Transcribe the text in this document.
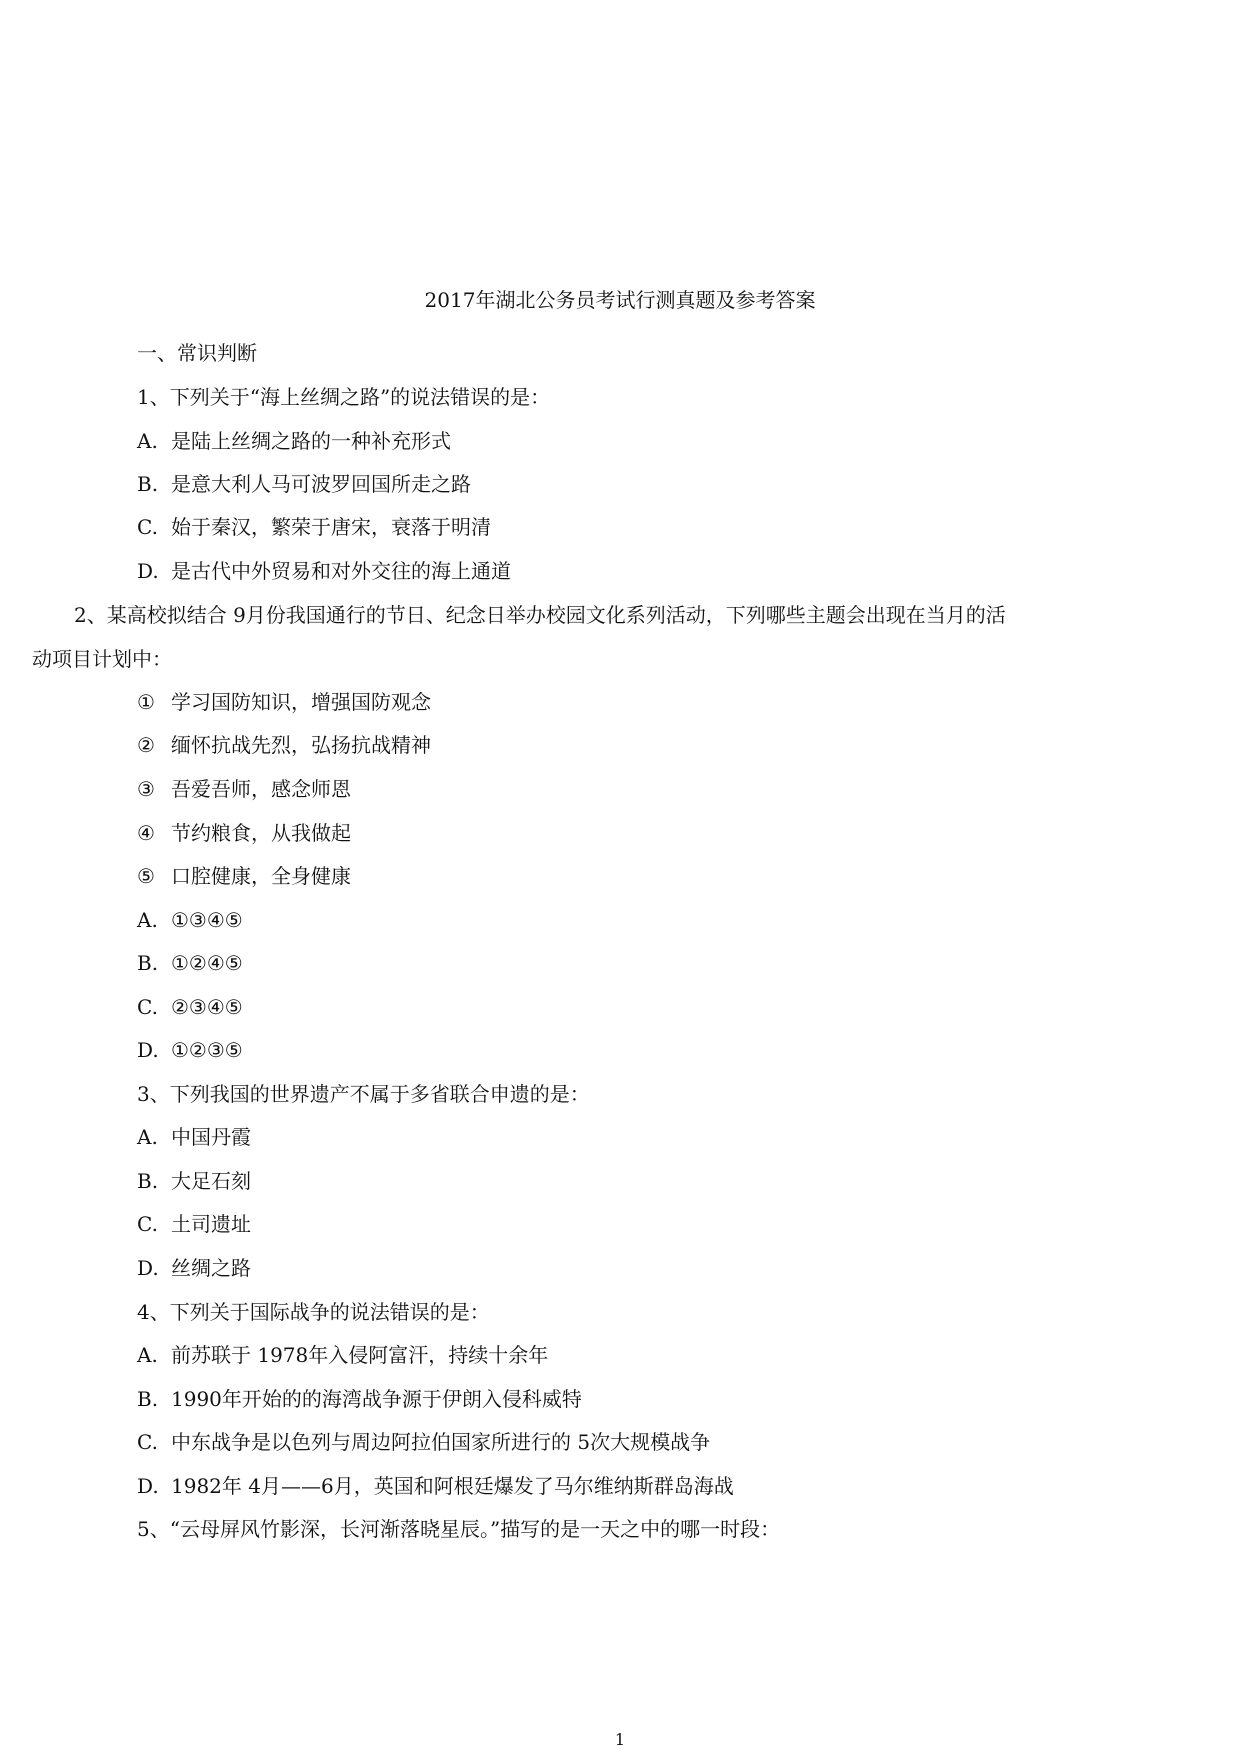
2017年湖北公务员考试行测真题及参考答案
一、常识判断
1、下列关于“海上丝绸之路”的说法错误的是：
A. 是陆上丝绸之路的一种补充形式
B. 是意大利人马可波罗回国所走之路
C. 始于秦汉，繁荣于唐宋，衰落于明清
D. 是古代中外贸易和对外交往的海上通道
2、某高校拟结合 9月份我国通行的节日、纪念日举办校园文化系列活动，下列哪些主题会出现在当月的活
动项目计划中：
① 学习国防知识，增强国防观念
② 缅怀抗战先烈，弘扬抗战精神
③ 吾爱吾师，感念师恩
④ 节约粮食，从我做起
⑤ 口腔健康，全身健康
A. ①③④⑤
B. ①②④⑤
C. ②③④⑤
D. ①②③⑤
3、下列我国的世界遗产不属于多省联合申遗的是：
A. 中国丹霞
B. 大足石刻
C. 土司遗址
D. 丝绸之路
4、下列关于国际战争的说法错误的是：
A. 前苏联于 1978年入侵阿富汗，持续十余年
B. 1990年开始的的海湾战争源于伊朗入侵科威特
C. 中东战争是以色列与周边阿拉伯国家所进行的 5次大规模战争
D. 1982年 4月——6月，英国和阿根廷爆发了马尔维纳斯群岛海战
5、“云母屏风竹影深，长河渐落晓星辰。”描写的是一天之中的哪一时段：
1
